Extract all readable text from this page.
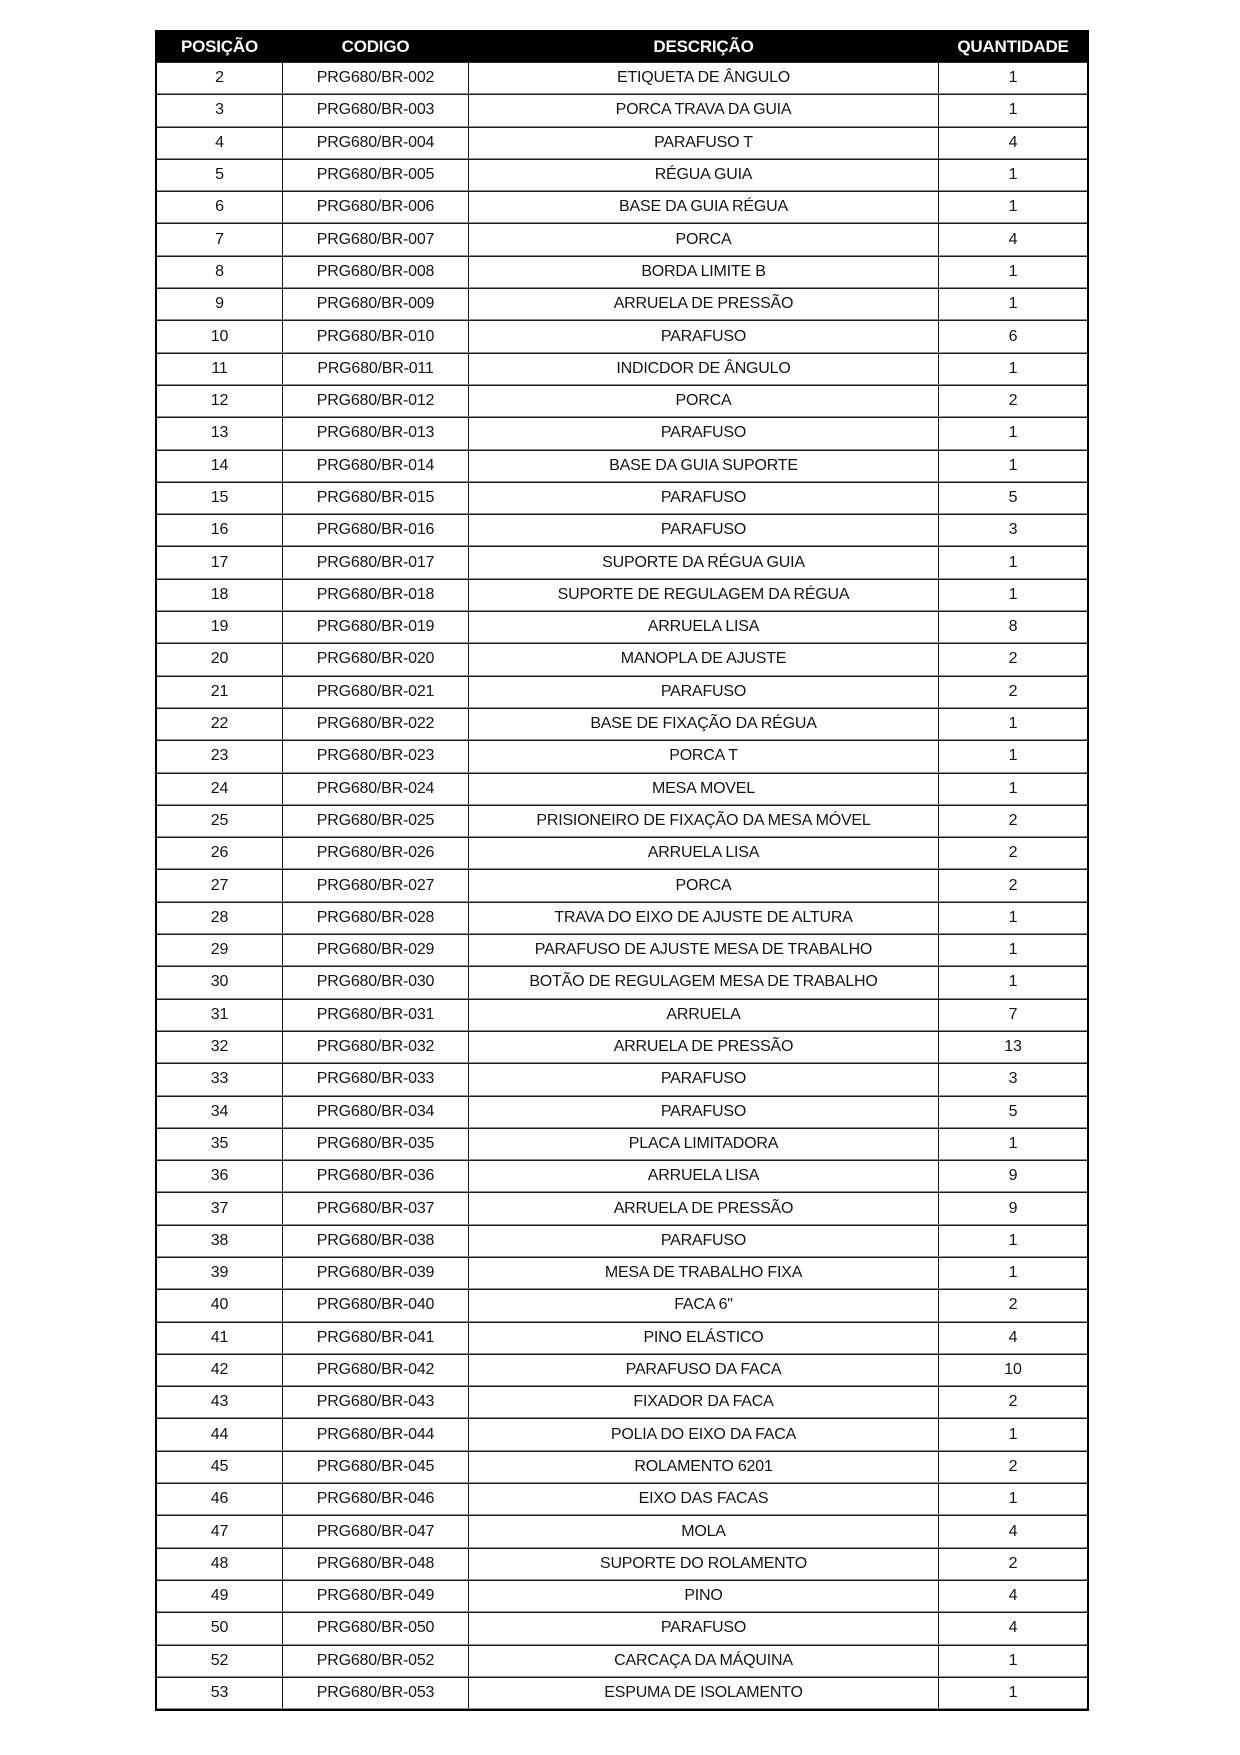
POSIÇÃO	CODIGO	DESCRIÇÃO	QUANTIDADE
2	PRG680/BR-002	ETIQUETA DE ÂNGULO	1
3	PRG680/BR-003	PORCA TRAVA DA GUIA	1
4	PRG680/BR-004	PARAFUSO T	4
5	PRG680/BR-005	RÉGUA GUIA	1
6	PRG680/BR-006	BASE DA GUIA RÉGUA	1
7	PRG680/BR-007	PORCA	4
8	PRG680/BR-008	BORDA LIMITE B	1
9	PRG680/BR-009	ARRUELA DE PRESSÃO	1
10	PRG680/BR-010	PARAFUSO	6
11	PRG680/BR-011	INDICDOR DE ÂNGULO	1
12	PRG680/BR-012	PORCA	2
13	PRG680/BR-013	PARAFUSO	1
14	PRG680/BR-014	BASE DA GUIA SUPORTE	1
15	PRG680/BR-015	PARAFUSO	5
16	PRG680/BR-016	PARAFUSO	3
17	PRG680/BR-017	SUPORTE DA RÉGUA GUIA	1
18	PRG680/BR-018	SUPORTE DE REGULAGEM DA RÉGUA	1
19	PRG680/BR-019	ARRUELA LISA	8
20	PRG680/BR-020	MANOPLA DE AJUSTE	2
21	PRG680/BR-021	PARAFUSO	2
22	PRG680/BR-022	BASE DE FIXAÇÃO DA RÉGUA	1
23	PRG680/BR-023	PORCA T	1
24	PRG680/BR-024	MESA MOVEL	1
25	PRG680/BR-025	PRISIONEIRO DE FIXAÇÃO DA MESA MÓVEL	2
26	PRG680/BR-026	ARRUELA LISA	2
27	PRG680/BR-027	PORCA	2
28	PRG680/BR-028	TRAVA DO EIXO DE AJUSTE DE ALTURA	1
29	PRG680/BR-029	PARAFUSO DE AJUSTE MESA DE TRABALHO	1
30	PRG680/BR-030	BOTÃO DE REGULAGEM MESA DE TRABALHO	1
31	PRG680/BR-031	ARRUELA	7
32	PRG680/BR-032	ARRUELA DE PRESSÃO	13
33	PRG680/BR-033	PARAFUSO	3
34	PRG680/BR-034	PARAFUSO	5
35	PRG680/BR-035	PLACA LIMITADORA	1
36	PRG680/BR-036	ARRUELA LISA	9
37	PRG680/BR-037	ARRUELA DE PRESSÃO	9
38	PRG680/BR-038	PARAFUSO	1
39	PRG680/BR-039	MESA DE TRABALHO FIXA	1
40	PRG680/BR-040	FACA 6"	2
41	PRG680/BR-041	PINO ELÁSTICO	4
42	PRG680/BR-042	PARAFUSO DA FACA	10
43	PRG680/BR-043	FIXADOR DA FACA	2
44	PRG680/BR-044	POLIA DO EIXO DA FACA	1
45	PRG680/BR-045	ROLAMENTO 6201	2
46	PRG680/BR-046	EIXO DAS FACAS	1
47	PRG680/BR-047	MOLA	4
48	PRG680/BR-048	SUPORTE DO ROLAMENTO	2
49	PRG680/BR-049	PINO	4
50	PRG680/BR-050	PARAFUSO	4
52	PRG680/BR-052	CARCAÇA DA MÁQUINA	1
53	PRG680/BR-053	ESPUMA DE ISOLAMENTO	1
